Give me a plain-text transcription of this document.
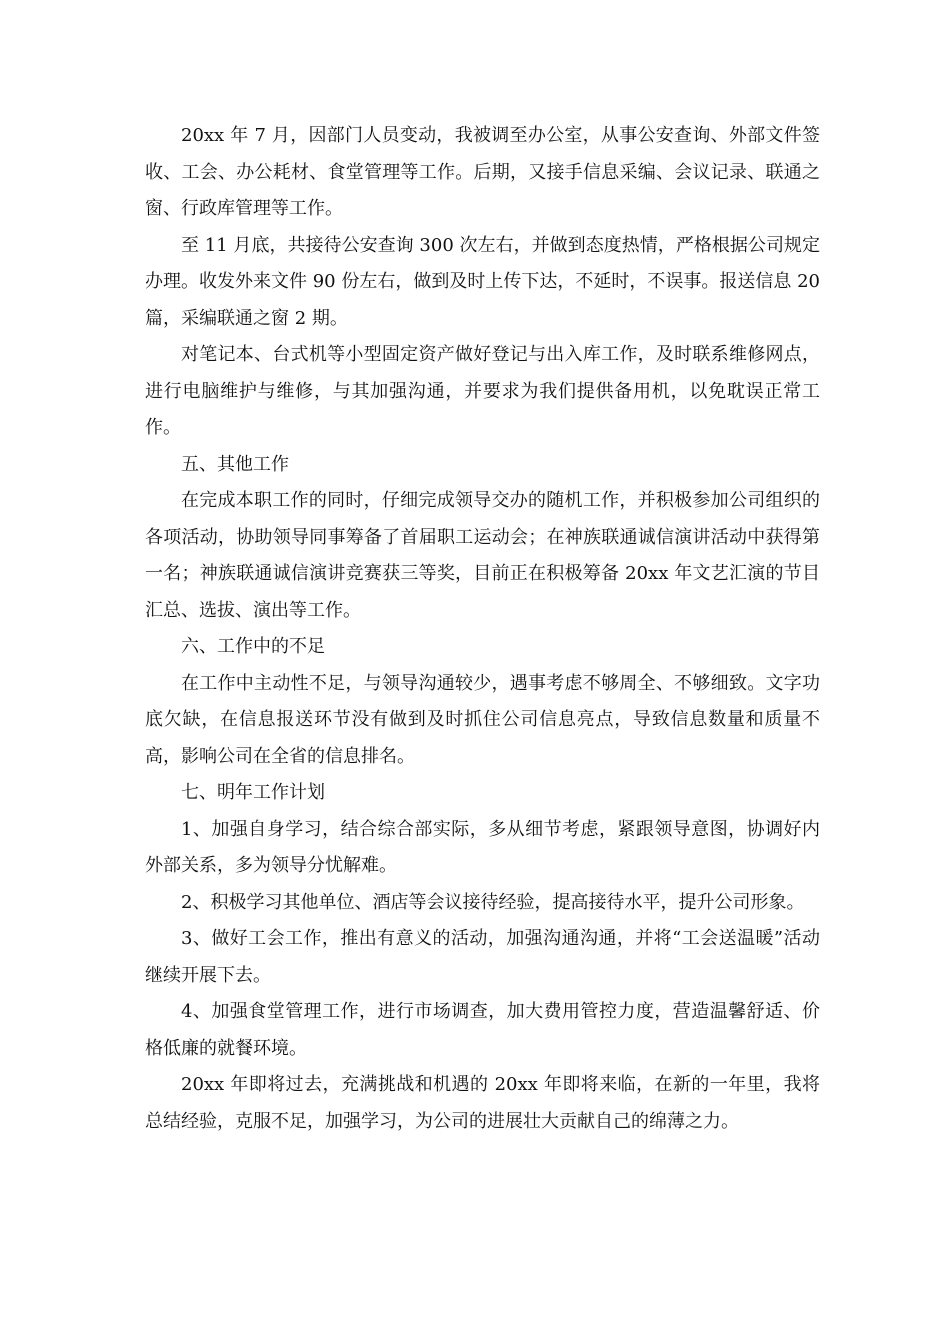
20xx 年 7 月，因部门人员变动，我被调至办公室，从事公安查询、外部文件签收、工会、办公耗材、食堂管理等工作。后期，又接手信息采编、会议记录、联通之窗、行政库管理等工作。

至 11 月底，共接待公安查询 300 次左右，并做到态度热情，严格根据公司规定办理。收发外来文件 90 份左右，做到及时上传下达，不延时，不误事。报送信息 20 篇，采编联通之窗 2 期。

对笔记本、台式机等小型固定资产做好登记与出入库工作，及时联系维修网点，进行电脑维护与维修，与其加强沟通，并要求为我们提供备用机，以免耽误正常工作。

五、其他工作

在完成本职工作的同时，仔细完成领导交办的随机工作，并积极参加公司组织的各项活动，协助领导同事筹备了首届职工运动会；在神族联通诚信演讲活动中获得第一名；神族联通诚信演讲竞赛获三等奖，目前正在积极筹备 20xx 年文艺汇演的节目汇总、选拔、演出等工作。

六、工作中的不足

在工作中主动性不足，与领导沟通较少，遇事考虑不够周全、不够细致。文字功底欠缺，在信息报送环节没有做到及时抓住公司信息亮点，导致信息数量和质量不高，影响公司在全省的信息排名。

七、明年工作计划

1、加强自身学习，结合综合部实际，多从细节考虑，紧跟领导意图，协调好内外部关系，多为领导分忧解难。

2、积极学习其他单位、酒店等会议接待经验，提高接待水平，提升公司形象。

3、做好工会工作，推出有意义的活动，加强沟通沟通，并将“工会送温暖”活动继续开展下去。

4、加强食堂管理工作，进行市场调查，加大费用管控力度，营造温馨舒适、价格低廉的就餐环境。

20xx 年即将过去，充满挑战和机遇的 20xx 年即将来临，在新的一年里，我将总结经验，克服不足，加强学习，为公司的进展壮大贡献自己的绵薄之力。
